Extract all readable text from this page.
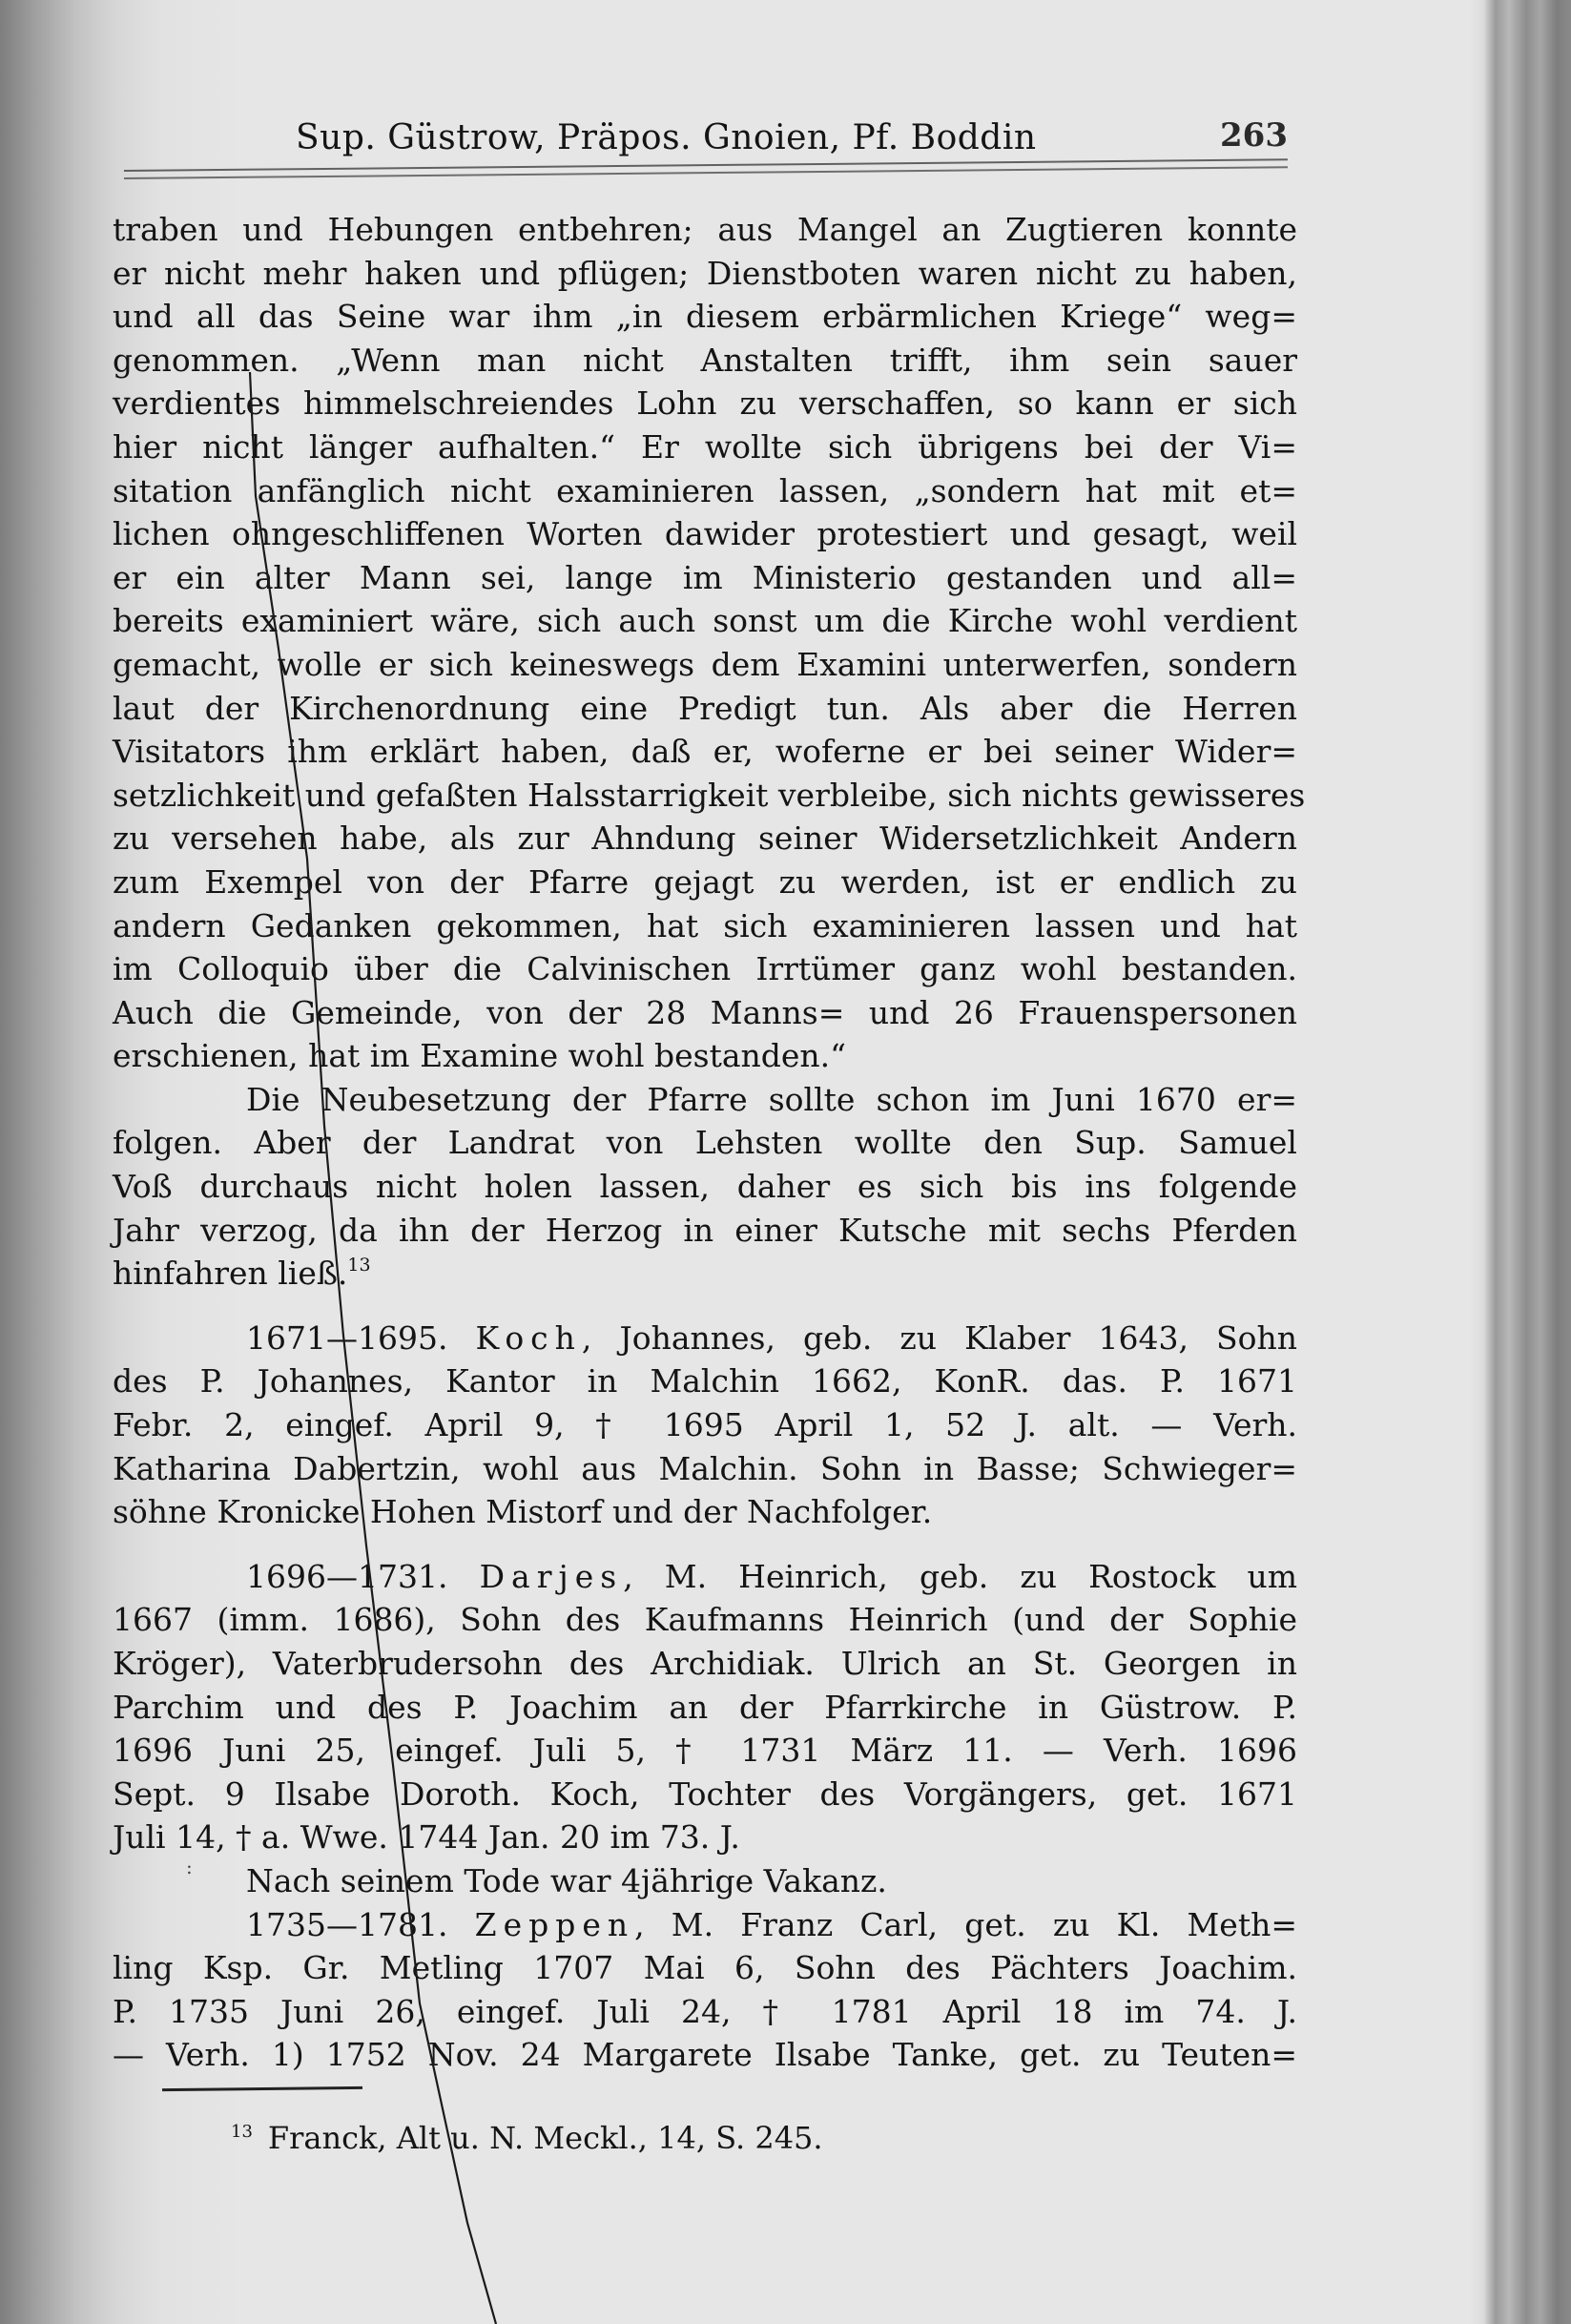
Sup. Güstrow, Präpos. Gnoien, Pf. Boddin	263
traben und Hebungen entbehren; aus Mangel an Zugtieren konnte
er nicht mehr haken und pflügen; Dienstboten waren nicht zu haben,
und all das Seine war ihm „in diesem erbärmlichen Kriege“ weg=
genommen. „Wenn man nicht Anstalten trifft, ihm sein sauer
verdientes himmelschreiendes Lohn zu verschaffen, so kann er sich
hier nicht länger aufhalten.“ Er wollte sich übrigens bei der Vi=
sitation anfänglich nicht examinieren lassen, „sondern hat mit et=
lichen ohngeschliffenen Worten dawider protestiert und gesagt, weil
er ein alter Mann sei, lange im Ministerio gestanden und all=
bereits examiniert wäre, sich auch sonst um die Kirche wohl verdient
gemacht, wolle er sich keineswegs dem Examini unterwerfen, sondern
laut der Kirchenordnung eine Predigt tun. Als aber die Herren
Visitators ihm erklärt haben, daß er, woferne er bei seiner Wider=
setzlichkeit und gefaßten Halsstarrigkeit verbleibe, sich nichts gewisseres
zu versehen habe, als zur Ahndung seiner Widersetzlichkeit Andern
zum Exempel von der Pfarre gejagt zu werden, ist er endlich zu
andern Gedanken gekommen, hat sich examinieren lassen und hat
im Colloquio über die Calvinischen Irrtümer ganz wohl bestanden.
Auch die Gemeinde, von der 28 Manns= und 26 Frauenspersonen
erschienen, hat im Examine wohl bestanden.“
Die Neubesetzung der Pfarre sollte schon im Juni 1670 er=
folgen. Aber der Landrat von Lehsten wollte den Sup. Samuel
Voß durchaus nicht holen lassen, daher es sich bis ins folgende
Jahr verzog, da ihn der Herzog in einer Kutsche mit sechs Pferden
hinfahren ließ.$^{13}$
1671—1695. Koch, Johannes, geb. zu Klaber 1643, Sohn
des P. Johannes, Kantor in Malchin 1662, KonR. das. P. 1671
Febr. 2, eingef. April 9, † 1695 April 1, 52 J. alt. — Verh.
Katharina Dabertzin, wohl aus Malchin. Sohn in Basse; Schwieger=
söhne Kronicke Hohen Mistorf und der Nachfolger.
1696—1731. Darjes, M. Heinrich, geb. zu Rostock um
1667 (imm. 1686), Sohn des Kaufmanns Heinrich (und der Sophie
Kröger), Vaterbrudersohn des Archidiak. Ulrich an St. Georgen in
Parchim und des P. Joachim an der Pfarrkirche in Güstrow. P.
1696 Juni 25, eingef. Juli 5, † 1731 März 11. — Verh. 1696
Sept. 9 Ilsabe Doroth. Koch, Tochter des Vorgängers, get. 1671
Juli 14, † a. Wwe. 1744 Jan. 20 im 73. J.
Nach seinem Tode war 4jährige Vakanz.
1735—1781. Zeppen, M. Franz Carl, get. zu Kl. Meth=
ling Ksp. Gr. Metling 1707 Mai 6, Sohn des Pächters Joachim.
P. 1735 Juni 26, eingef. Juli 24, † 1781 April 18 im 74. J.
— Verh. 1) 1752 Nov. 24 Margarete Ilsabe Tanke, get. zu Teuten=
:
$^{13}$ Franck, Alt u. N. Meckl., 14, S. 245.
